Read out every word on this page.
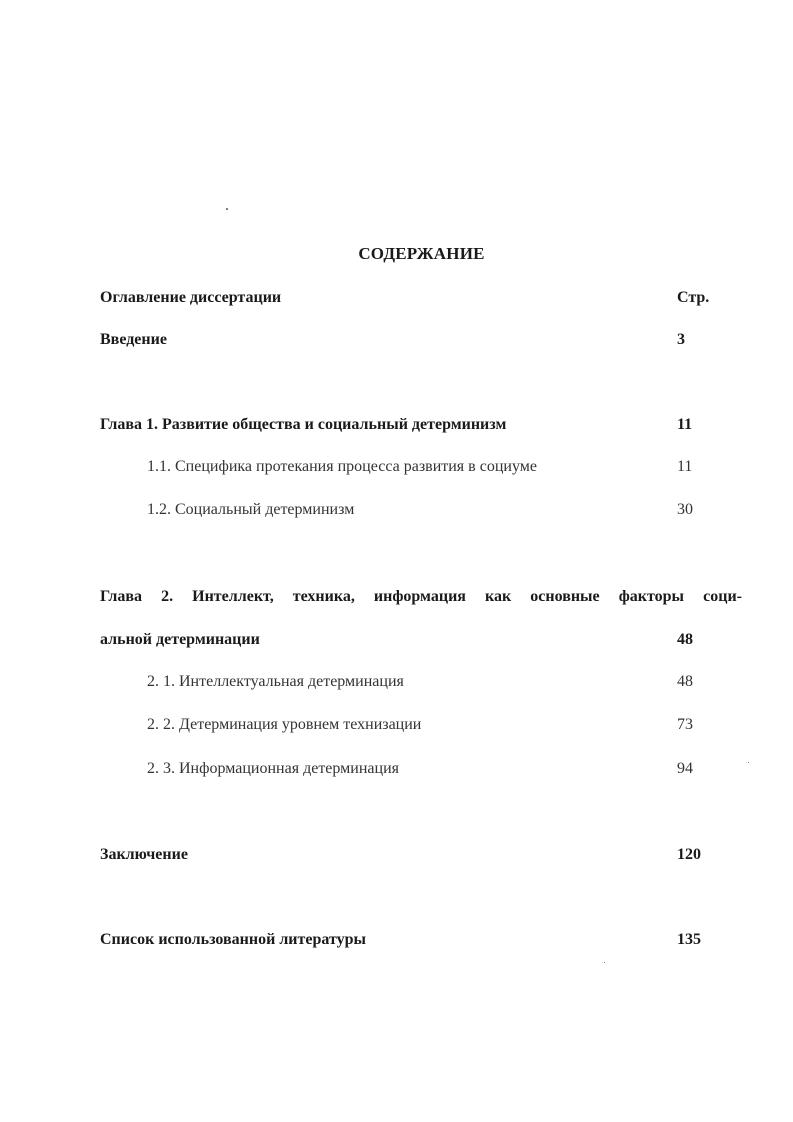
СОДЕРЖАНИЕ
Оглавление диссертации	Стр.
Введение	3
Глава 1. Развитие общества и социальный детерминизм	11
1.1. Специфика протекания процесса развития в социуме	11
1.2. Социальный детерминизм	30
Глава 2. Интеллект, техника, информация как основные факторы соци-
альной детерминации	48
2. 1. Интеллектуальная детерминация	48
2. 2. Детерминация уровнем технизации	73
2. 3. Информационная детерминация	94
Заключение	120
Список использованной литературы	135
